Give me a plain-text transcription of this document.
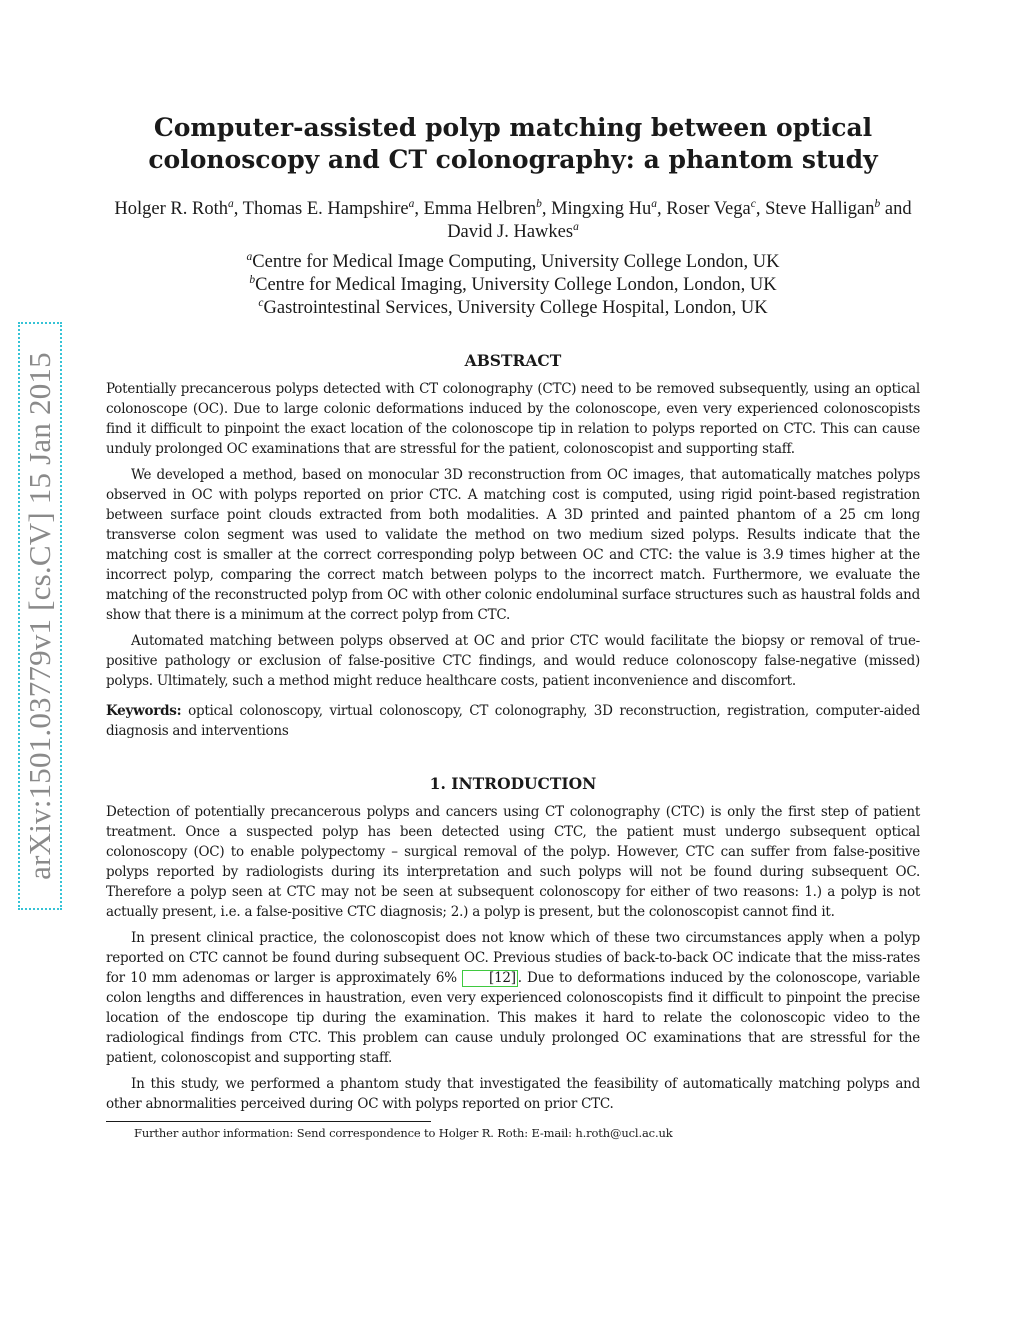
arXiv:1501.03779v1 [cs.CV] 15 Jan 2015
Computer-assisted polyp matching between optical colonoscopy and CT colonography: a phantom study
Holger R. Roth$^a$, Thomas E. Hampshire$^a$, Emma Helbren$^b$, Mingxing Hu$^a$, Roser Vega$^c$, Steve Halligan$^b$ and David J. Hawkes$^a$
$^a$Centre for Medical Image Computing, University College London, UK
$^b$Centre for Medical Imaging, University College London, London, UK
$^c$Gastrointestinal Services, University College Hospital, London, UK
ABSTRACT

Potentially precancerous polyps detected with CT colonography (CTC) need to be removed subsequently, using an optical colonoscope (OC). Due to large colonic deformations induced by the colonoscope, even very experienced colonoscopists find it difficult to pinpoint the exact location of the colonoscope tip in relation to polyps reported on CTC. This can cause unduly prolonged OC examinations that are stressful for the patient, colonoscopist and supporting staff.

We developed a method, based on monocular 3D reconstruction from OC images, that automatically matches polyps observed in OC with polyps reported on prior CTC. A matching cost is computed, using rigid point-based registration between surface point clouds extracted from both modalities. A 3D printed and painted phantom of a 25 cm long transverse colon segment was used to validate the method on two medium sized polyps. Results indicate that the matching cost is smaller at the correct corresponding polyp between OC and CTC: the value is 3.9 times higher at the incorrect polyp, comparing the correct match between polyps to the incorrect match. Furthermore, we evaluate the matching of the reconstructed polyp from OC with other colonic endoluminal surface structures such as haustral folds and show that there is a minimum at the correct polyp from CTC.

Automated matching between polyps observed at OC and prior CTC would facilitate the biopsy or removal of true-positive pathology or exclusion of false-positive CTC findings, and would reduce colonoscopy false-negative (missed) polyps. Ultimately, such a method might reduce healthcare costs, patient inconvenience and discomfort.

Keywords: optical colonoscopy, virtual colonoscopy, CT colonography, 3D reconstruction, registration, computer-aided diagnosis and interventions
1. INTRODUCTION

Detection of potentially precancerous polyps and cancers using CT colonography (CTC) is only the first step of patient treatment. Once a suspected polyp has been detected using CTC, the patient must undergo subsequent optical colonoscopy (OC) to enable polypectomy – surgical removal of the polyp. However, CTC can suffer from false-positive polyps reported by radiologists during its interpretation and such polyps will not be found during subsequent OC. Therefore a polyp seen at CTC may not be seen at subsequent colonoscopy for either of two reasons: 1.) a polyp is not actually present, i.e. a false-positive CTC diagnosis; 2.) a polyp is present, but the colonoscopist cannot find it.

In present clinical practice, the colonoscopist does not know which of these two circumstances apply when a polyp reported on CTC cannot be found during subsequent OC. Previous studies of back-to-back OC indicate that the miss-rates for 10 mm adenomas or larger is approximately 6% [12] . Due to deformations induced by the colonoscope, variable colon lengths and differences in haustration, even very experienced colonoscopists find it difficult to pinpoint the precise location of the endoscope tip during the examination. This makes it hard to relate the colonoscopic video to the radiological findings from CTC. This problem can cause unduly prolonged OC examinations that are stressful for the patient, colonoscopist and supporting staff.

In this study, we performed a phantom study that investigated the feasibility of automatically matching polyps and other abnormalities perceived during OC with polyps reported on prior CTC.

Further author information: Send correspondence to Holger R. Roth: E-mail: h.roth@ucl.ac.uk
